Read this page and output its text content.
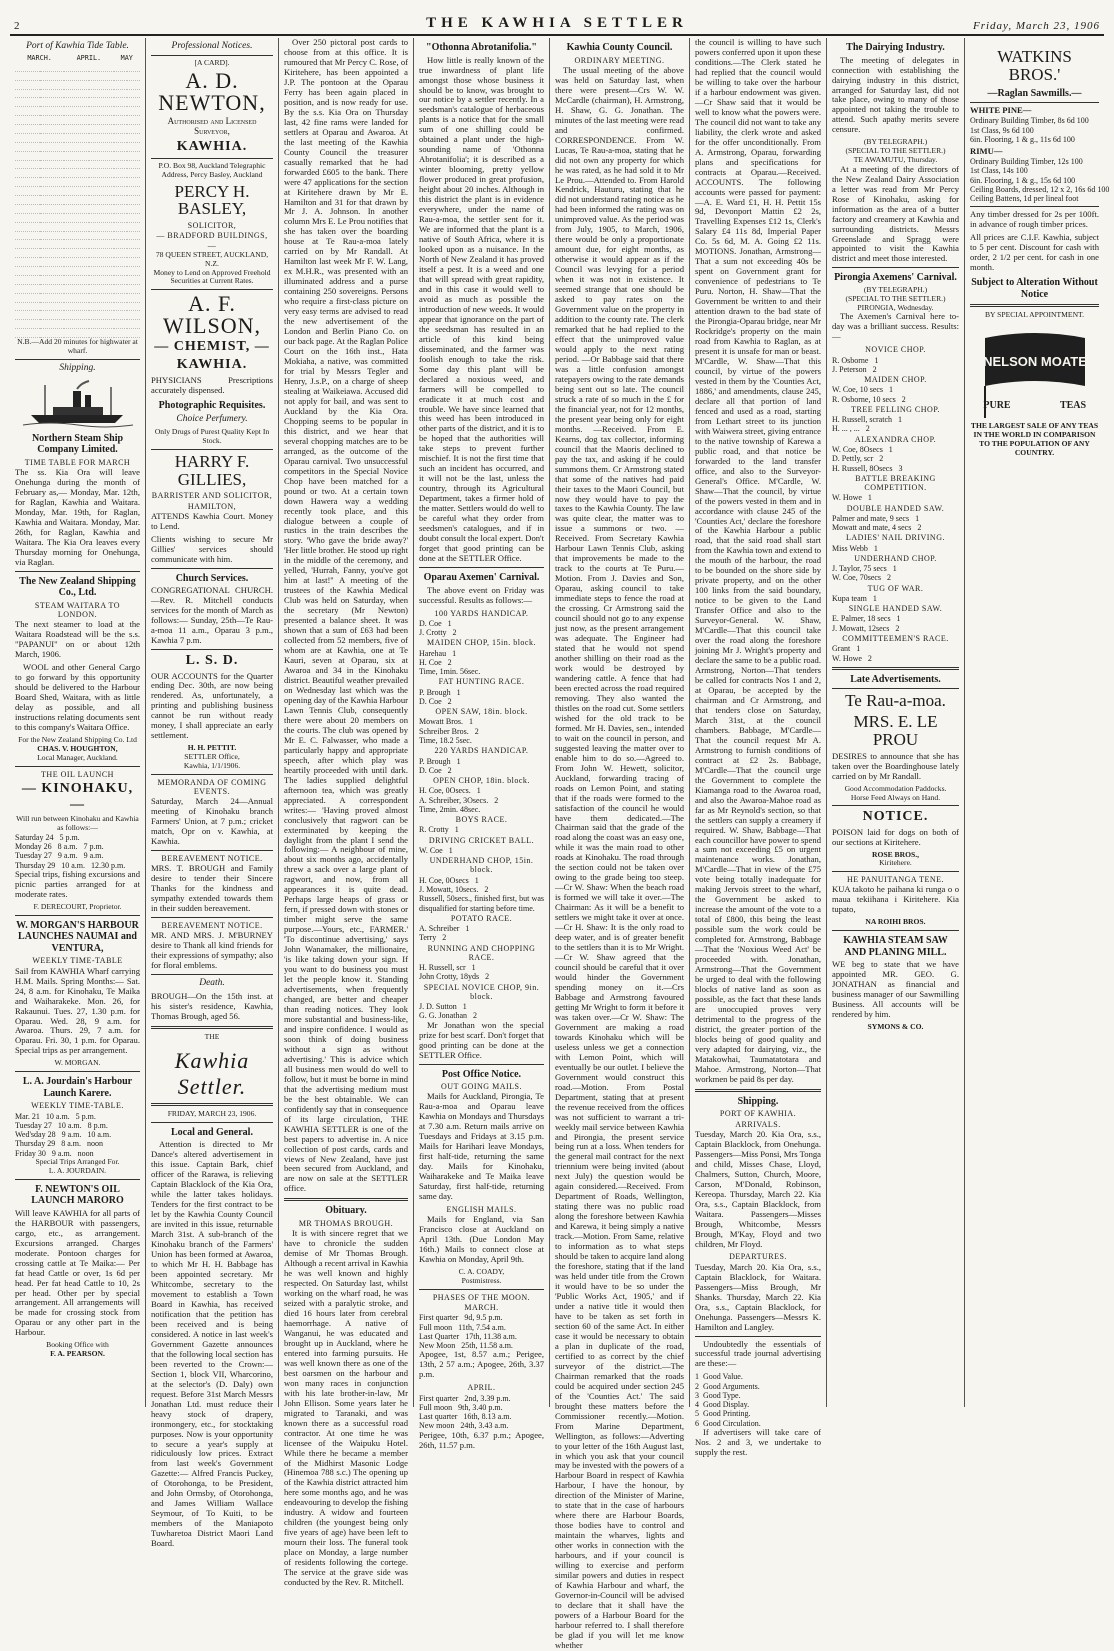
2	THE KAWHIA SETTLER	Friday, March 23, 1906
Port of Kawhia Tide Table.
MARCH.		APRIL.		MAY	

N.B.—Add 20 minutes for highwater at wharf.
Shipping.
Northern Steam Ship Company Limited.
TIME TABLE FOR MARCH

The ss. Kia Ora will leave Onehunga during the month of February as,— Monday, Mar. 12th, for Raglan, Kawhia and Waitara. Monday, Mar. 19th, for Raglan, Kawhia and Waitara. Monday, Mar. 26th, for Raglan, Kawhia and Waitara. The Kia Ora leaves every Thursday morning for Onehunga, via Raglan.

The New Zealand Shipping Co., Ltd.
STEAM WAITARA TO LONDON.

The next steamer to load at the Waitara Roadstead will be the s.s. "PAPANUI" on or about 12th March, 1906.

WOOL and other General Cargo to go forward by this opportunity should be delivered to the Harbour Board Shed, Waitara, with as little delay as possible, and all instructions relating documents sent to this company's Waitara Office.

For the New Zealand Shipping Co. Ltd
CHAS. V. HOUGHTON,
Local Manager, Auckland.
THE OIL LAUNCH
— KINOHAKU, —
Will run between Kinohaku and Kawhia as follows:—
Saturday 24   5 p.m.
Monday 26   8 a.m.   7 p.m.
Tuesday 27   9 a.m.   9 a.m.
Thursday 29   10 a.m.   12.30 p.m.

Special trips, fishing excursions and picnic parties arranged for at moderate rates.

F. DERECOURT, Proprietor.
W. MORGAN'S HARBOUR LAUNCHES NAUMAI and VENTURA,
WEEKLY TIME-TABLE

Sail from KAWHIA Wharf carrying H.M. Mails. Spring Months:— Sat. 24, 8 a.m. for Kinohaku, Te Maika and Waiharakeke. Mon. 26, for Rakaunui. Tues. 27, 1.30 p.m. for Oparau. Wed. 28, 9 a.m. for Awaroa. Thurs. 29, 7 a.m. for Oparau. Fri. 30, 1 p.m. for Oparau. Special trips as per arrangement.

W. MORGAN.
L. A. Jourdain's Harbour Launch Karere.
WEEKLY TIME-TABLE.
Mar. 21   10 a.m.   5 p.m.
Tuesday 27   10 a.m.   8 p.m.
Wed'sday 28   9 a.m.   10 a.m.
Thursday 29   8 a.m.   noon
Friday 30   9 a.m.   noon
Special Trips Arranged For.
L. A. JOURDAIN.
F. NEWTON'S OIL LAUNCH MARORO

Will leave KAWHIA for all parts of the HARBOUR with passengers, cargo, etc., as arrangement. Excursions arranged. Charges moderate. Pontoon charges for crossing cattle at Te Maika:— Per fat head Cattle or over, 1s 6d per head. Per fat head Cattle to 10, 2s per head. Other per by special arrangement. All arrangements will be made for crossing stock from Oparau or any other part in the Harbour.

Booking Office with
F. A. PEARSON.
Professional Notices.
[A CARD].
A. D. NEWTON,
Authorised and Licensed Surveyor,
KAWHIA.
P.O. Box 98, Auckland Telegraphic Address, Percy Basley, Auckland
PERCY H. BASLEY,
SOLICITOR,
— BRADFORD BUILDINGS, —
78 QUEEN STREET, AUCKLAND, N.Z.
Money to Lend on Approved Freehold Securities at Current Rates.
A. F. WILSON,
— CHEMIST, —
KAWHIA.

PHYSICIANS Prescriptions accurately dispensed.

Photographic Requisites.
Choice Perfumery.
Only Drugs of Purest Quality Kept In Stock.
HARRY F. GILLIES,
BARRISTER AND SOLICITOR,
HAMILTON,

ATTENDS Kawhia Court. Money to Lend.

Clients wishing to secure Mr Gillies' services should communicate with him.

Church Services.

CONGREGATIONAL CHURCH.—Rev. R. Mitchell conducts services for the month of March as follows:— Sunday, 25th—Te Rau-a-moa 11 a.m., Oparau 3 p.m., Kawhia 7 p.m.

L. S. D.

OUR ACCOUNTS for the Quarter ending Dec. 30th, are now being rendered. As, unfortunately, a printing and publishing business cannot be run without ready money, I shall appreciate an early settlement.

H. H. PETTIT.
SETTLER Office,
Kawhia, 1/1/1906.
MEMORANDA OF COMING EVENTS.

Saturday, March 24—Annual meeting of Kinohaku branch Farmers' Union, at 7 p.m.; cricket match, Opr on v. Kawhia, at Kawhia.

BEREAVEMENT NOTICE.

MRS. T. BROUGH and Family desire to tender their Sincere Thanks for the kindness and sympathy extended towards them in their sudden bereavement.

BEREAVEMENT NOTICE.

MR. AND MRS. J. M'BURNEY desire to Thank all kind friends for their expressions of sympathy; also for floral emblems.

Death.

BROUGH—On the 15th inst. at his sister's residence, Kawhia, Thomas Brough, aged 56.

THE
Kawhia Settler.
FRIDAY, MARCH 23, 1906.
Local and General.

Attention is directed to Mr Dance's altered advertisement in this issue. Captain Bark, chief officer of the Rarawa, is relieving Captain Blacklock of the Kia Ora, while the latter takes holidays. Tenders for the first contract to be let by the Kawhia County Council are invited in this issue, returnable March 31st. A sub-branch of the Kinohaku branch of the Farmers' Union has been formed at Awaroa, to which Mr H. H. Babbage has been appointed secretary. Mr Whitcombe, secretary to the movement to establish a Town Board in Kawhia, has received notification that the petition has been received and is being considered. A notice in last week's Government Gazette announces that the following local section has been reverted to the Crown:— Section 1, block VII, Wharcorino, at the selector's (D. Daly) own request. Before 31st March Messrs Jonathan Ltd. must reduce their heavy stock of drapery, ironmongery, etc., for stocktaking purposes. Now is your opportunity to secure a year's supply at ridiculously low prices. Extract from last week's Government Gazette:— Alfred Francis Puckey, of Otorohonga, to be President, and John Ormsby, of Otorohonga, and James William Wallace Seymour, of To Kuiti, to be members of the Maniapoto Tuwharetoa District Maori Land Board.

Over 250 pictoral post cards to choose from at this office. It is rumoured that Mr Percy C. Rose, of Kiritehere, has been appointed a J.P. The pontoon at the Oparau Ferry has been again placed in position, and is now ready for use. By the s.s. Kia Ora on Thursday last, 42 fine rams were landed for settlers at Oparau and Awaroa. At the last meeting of the Kawhia County Council the treasurer casually remarked that he had forwarded £605 to the bank. There were 47 applications for the section at Kiritehere drawn by Mr E. Hamilton and 31 for that drawn by Mr J. A. Johnson. In another column Mrs E. Le Prou notifies that she has taken over the boarding house at Te Rau-a-moa lately carried on by Mr Randall. At Hamilton last week Mr F. W. Lang, ex M.H.R., was presented with an illuminated address and a purse containing 250 sovereigns. Persons who require a first-class picture on very easy terms are advised to read the new advertisement of the London and Berlin Piano Co. on our back page. At the Raglan Police Court on the 16th inst., Hata Mokiaha, a native, was committed for trial by Messrs Tegler and Henry, J.s.P., on a charge of sheep stealing at Waikeiawa. Accused did not apply for bail, and was sent to Auckland by the Kia Ora. Chopping seems to be popular in this district, and we hear that several chopping matches are to be arranged, as the outcome of the Oparau carnival. Two unsuccessful competitors in the Special Novice Chop have been matched for a pound or two. At a certain town down Hawera way a wedding recently took place, and this dialogue between a couple of rustics in the train describes the story. 'Who gave the bride away?' 'Her little brother. He stood up right in the middle of the ceremony, and yelled, 'Hurrah, Fanny, you've got him at last!'' A meeting of the trustees of the Kawhia Medical Club was held on Saturday, when the secretary (Mr Newton) presented a balance sheet. It was shown that a sum of £63 had been collected from 52 members, five of whom are at Kawhia, one at Te Kauri, seven at Oparau, six at Awaroa and 34 in the Kinohaku district. Beautiful weather prevailed on Wednesday last which was the opening day of the Kawhia Harbour Lawn Tennis Club, consequently there were about 20 members on the courts. The club was opened by Mr E. C. Falwasser, who made a particularly happy and appropriate speech, after which play was heartily proceeded with until dark. The ladies supplied delightful afternoon tea, which was greatly appreciated. A correspondent writes:— 'Having proved almost conclusively that ragwort can be exterminated by keeping the daylight from the plant I send the following:— A neighbour of mine, about six months ago, accidentally threw a sack over a large plant of ragwort, and now, from all appearances it is quite dead. Perhaps large heaps of grass or fern, if pressed down with stones or timber might serve the same purpose.—Yours, etc., FARMER.' 'To discontinue advertising,' says John Wanamaker, the millionaire, 'is like taking down your sign. If you want to do business you must let the people know it. Standing advertisements, when frequently changed, are better and cheaper than reading notices. They look more substantial and business-like, and inspire confidence. I would as soon think of doing business without a sign as without advertising.' This is advice which all business men would do well to follow, but it must be borne in mind that the advertising medium must be the best obtainable. We can confidently say that in consequence of its large circulation, THE KAWHIA SETTLER is one of the best papers to advertise in. A nice collection of post cards, cards and views of New Zealand, have just been secured from Auckland, and are now on sale at the SETTLER office.

Obituary.
MR THOMAS BROUGH.

It is with sincere regret that we have to chronicle the sudden demise of Mr Thomas Brough. Although a recent arrival in Kawhia he was well known and highly respected. On Saturday last, whilst working on the wharf road, he was seized with a paralytic stroke, and died 16 hours later from cerebral haemorrhage. A native of Wanganui, he was educated and brought up in Auckland, where he entered into farming pursuits. He was well known there as one of the best oarsmen on the harbour and won many races in conjunction with his late brother-in-law, Mr John Ellison. Some years later he migrated to Taranaki, and was known there as a successful road contractor. At one time he was licensee of the Waipuku Hotel. While there he became a member of the Midhirst Masonic Lodge (Hinemoa 788 s.c.) The opening up of the Kawhia district attracted him here some months ago, and he was endeavouring to develop the fishing industry. A widow and fourteen children (the youngest being only five years of age) have been left to mourn their loss. The funeral took place on Monday, a large number of residents following the cortege. The service at the grave side was conducted by the Rev. R. Mitchell.

"Othonna Abrotanifolia."

How little is really known of the true inwardness of plant life amongst those whose business it should be to know, was brought to our notice by a settler recently. In a seedsman's catalogue of herbaceous plants is a notice that for the small sum of one shilling could be obtained a plant under the high-sounding name of 'Othonna Abrotanifolia'; it is described as a winter blooming, pretty yellow flower produced in great profusion, height about 20 inches. Although in this district the plant is in evidence everywhere, under the name of Rau-a-moa, the settler sent for it. We are informed that the plant is a native of South Africa, where it is looked upon as a nuisance. In the North of New Zealand it has proved itself a pest. It is a weed and one that will spread with great rapidity, and in this case it would well to avoid as much as possible the introduction of new weeds. It would appear that ignorance on the part of the seedsman has resulted in an article of this kind being disseminated, and the farmer was foolish enough to take the risk. Some day this plant will be declared a noxious weed, and farmers will be compelled to eradicate it at much cost and trouble. We have since learned that this weed has been introduced in other parts of the district, and it is to be hoped that the authorities will take steps to prevent further mischief. It is not the first time that such an incident has occurred, and it will not be the last, unless the country, through its Agricultural Department, takes a firmer hold of the matter. Settlers would do well to be careful what they order from seedsmen's catalogues, and if in doubt consult the local expert. Don't forget that good printing can be done at the SETTLER Office.

Oparau Axemen' Carnival.

The above event on Friday was successful. Results as follows:—

100 YARDS HANDICAP.
D. Coe   1
J. Crotty   2
MAIDEN CHOP, 15in. block.
Harehau   1
H. Coe   2
Time, 1min. 56sec.
FAT HUNTING RACE.
P. Brough   1
D. Coe   2
OPEN SAW, 18in. block.
Mowatt Bros.   1
Schreiber Bros.   2
Time, 18.2 5sec.
220 YARDS HANDICAP.
P. Brough   1
D. Coe   2
OPEN CHOP, 18in. block.
H. Coe, 0Osecs.   1
A. Schreiber, 3Osecs.   2
Time, 2min. 48sec.
BOYS RACE.
R. Crotty   1
DRIVING CRICKET BALL.
W. Coe   1
UNDERHAND CHOP, 15in. block.
H. Coe, 0Osecs   1
J. Mowatt, 10secs.   2
Russell, 50secs., finished first, but was disqualified for starting before time.
POTATO RACE.
A. Schreiber   1
Terry   2
RUNNING AND CHOPPING RACE.
H. Russell, scr   1
John Crotty, 18yds   2
SPECIAL NOVICE CHOP, 9in. block.
J. D. Sutton   1
G. G. Jonathan   2

Mr Jonathan won the special prize for best scarf. Don't forget that good printing can be done at the SETTLER Office.

Post Office Notice.
OUT GOING MAILS.

Mails for Auckland, Pirongia, Te Rau-a-moa and Oparau leave Kawhia on Mondays and Thursdays at 7.30 a.m. Return mails arrive on Tuesdays and Fridays at 3.15 p.m. Mails for Harihari leave Mondays, first half-tide, returning the same day. Mails for Kinohaku, Waiharakeke and Te Maika leave Saturday, first half-tide, returning same day.

ENGLISH MAILS.

Mails for England, via San Francisco close at Auckland on April 13th. (Due London May 16th.) Mails to connect close at Kawhia on Monday, April 9th.

C. A. COADY,
Postmistress.
PHASES OF THE MOON.
MARCH.
First quarter   9d, 9.5 p.m.
Full moon   11th, 7.54 a.m.
Last Quarter   17th, 11.38 a.m.
New Moon   25th, 11.58 a.m.

Apogee, 1st, 8.57 a.m.; Perigee, 13th, 2 57 a.m.; Apogee, 26th, 3.37 p.m.

APRIL.
First quarter   2nd, 3.39 p.m.
Full moon   9th, 3.40 p.m.
Last quarter   16th, 8.13 a.m.
New moon   24th, 3.43 a.m.

Perigee, 10th, 6.37 p.m.; Apogee, 26th, 11.57 p.m.

Kawhia County Council.
ORDINARY MEETING.

The usual meeting of the above was held on Saturday last, when there were present—Crs W. W. McCardle (chairman), H. Armstrong, H. Shaw, G. G. Jonathan. The minutes of the last meeting were read and confirmed. CORRESPONDENCE. From W. Lucas, Te Rau-a-moa, stating that he did not own any property for which he was rated, as he had sold it to Mr Le Prou.—Attended to. From Harold Kendrick, Hauturu, stating that he did not understand rating notice as he had been informed the rating was on unimproved value. As the period was from July, 1905, to March, 1906, there would be only a proportionate amount due, for eight months, as otherwise it would appear as if the Council was levying for a period when it was not in existence. It seemed strange that one should be asked to pay rates on the Government value on the property in addition to the county rate. The clerk remarked that he had replied to the effect that the unimproved value would apply to the next rating period. —Or Babbage said that there was a little confusion amongst ratepayers owing to the rate demands being sent out so late. The council struck a rate of so much in the £ for the financial year, not for 12 months, the present year being only for eight months. —Received. From E. Kearns, dog tax collector, informing council that the Maoris declined to pay the tax, and asking if he could summons them. Cr Armstrong stated that some of the natives had paid their taxes to the Maori Council, but now they would have to pay the taxes to the Kawhia County. The law was quite clear, the matter was to issue a summons or two. —Received. From Secretary Kawhia Harbour Lawn Tennis Club, asking that improvements be made to the track to the courts at Te Puru.—Motion. From J. Davies and Son, Oparau, asking council to take immediate steps to fence the road at the crossing. Cr Armstrong said the council should not go to any expense just now, as the present arrangement was adequate. The Engineer had stated that he would not spend another shilling on their road as the work would be destroyed by wandering cattle. A fence that had been erected across the road required removing. They also wanted the thistles on the road cut. Some settlers wished for the old track to be formed. Mr H. Davies, sen., intended to wait on the council in person, and suggested leaving the matter over to enable him to do so.—Agreed to. From John W. Hewett, solicitor, Auckland, forwarding tracing of roads on Lemon Point, and stating that if the roads were formed to the satisfaction of the council he would have them dedicated.—The Chairman said that the grade of the road along the coast was an easy one, while it was the main road to other roads at Kinohaku. The road through the section could not be taken over owing to the grade being too steep.—Cr W. Shaw: When the beach road is formed we will take it over.—The Chairman: As it will be a benefit to settlers we might take it over at once.—Cr H. Shaw: It is the only road to deep water, and is of greater benefit to the settlers than it is to Mr Wright.—Cr W. Shaw agreed that the council should be careful that it over would hinder the Government spending money on it.—Crs Babbage and Armstrong favoured getting Mr Wright to form it before it was taken over.—Cr W. Shaw: The Government are making a road towards Kinohaku which will be useless unless we get a connection with Lemon Point, which will eventually be our outlet. I believe the Government would construct this road.—Motion. From Postal Department, stating that at present the revenue received from the offices was not sufficient to warrant a tri-weekly mail service between Kawhia and Pirongia, the present service being run at a loss. When tenders for the general mail contract for the next triennium were being invited (about next July) the question would be again considered.—Received. From Department of Roads, Wellington, stating there was no public road along the foreshore between Kawhia and Karewa, it being simply a native track.—Motion. From Same, relative to information as to what steps should be taken to acquire land along the foreshore, stating that if the land was held under title from the Crown it would have to be so under the 'Public Works Act, 1905,' and if under a native title it would then have to be taken as set forth in section 60 of the same Act. In either case it would be necessary to obtain a plan in duplicate of the road, certified to as correct by the chief surveyor of the district.—The Chairman remarked that the roads could be acquired under section 245 of the 'Counties Act.' The said brought these matters before the Commissioner recently.—Motion. From Marine Department, Wellington, as follows:—Adverting to your letter of the 16th August last, in which you ask that your council may be invested with the powers of a Harbour Board in respect of Kawhia Harbour, I have the honour, by direction of the Minister of Marine, to state that in the case of harbours where there are Harbour Boards, those bodies have to control and maintain the wharves, lights and other works in connection with the harbours, and if your council is willing to exercise and perform similar powers and duties in respect of Kawhia Harbour and wharf, the Governor-in-Council will be advised to declare that it shall have the powers of a Harbour Board for the harbour referred to. I shall therefore be glad if you will let me know whether

the council is willing to have such powers conferred upon it upon these conditions.—The Clerk stated he had replied that the council would be willing to take over the harbour if a harbour endowment was given.—Cr Shaw said that it would be well to know what the powers were. The council did not want to take any liability, the clerk wrote and asked for the offer unconditionally. From A. Armstrong, Oparau, forwarding plans and specifications for contracts at Oparau.—Received. ACCOUNTS. The following accounts were passed for payment:—A. E. Ward £1, H. H. Pettit 15s 9d, Devonport Mattin £2 2s, Travelling Expenses £12 1s, Clerk's Salary £4 11s 8d, Imperial Paper Co. 5s 6d, M. A. Going £2 11s. MOTIONS. Jonathan, Armstrong—That a sum not exceeding 40s be spent on Government grant for convenience of pedestrians to Te Puru. Norton, H. Shaw—That the Government be written to and their attention drawn to the bad state of the Pirongia-Oparau bridge, near Mr Rockridge's property on the main road from Kawhia to Raglan, as at present it is unsafe for man or beast. M'Cardle, W. Shaw—That this council, by virtue of the powers vested in them by the 'Counties Act, 1886,' and amendments, clause 245, declare all that portion of land fenced and used as a road, starting from Lethart street to its junction with Waiwera street, giving entrance to the native township of Karewa a public road, and that notice be forwarded to the land transfer office, and also to the Surveyor-General's Office. M'Cardle, W. Shaw—That the council, by virtue of the powers vested in them and in accordance with clause 245 of the 'Counties Act,' declare the foreshore of the Kawhia Harbour a public road, that the said road shall start from the Kawhia town and extend to the mouth of the harbour, the road to be bounded on the shore side by private property, and on the other 100 links from the said boundary, notice to be given to the Land Transfer Office and also to the Surveyor-General. W. Shaw, M'Cardle—That this council take over the road along the foreshore joining Mr J. Wright's property and declare the same to be a public road. Armstrong, Norton—That tenders be called for contracts Nos 1 and 2, at Oparau, be accepted by the chairman and Cr Armstrong, and that tenders close on Saturday, March 31st, at the council chambers. Babbage, M'Cardle—That the council request Mr A. Armstrong to furnish conditions of contract at £2 2s. Babbage, M'Cardle—That the council urge the Government to complete the Kiamanga road to the Awaroa road, and also the Awaroa-Mahoe road as far as Mr Reynold's section, so that the settlers can supply a creamery if required. W. Shaw, Babbage—That each councillor have power to spend a sum not exceeding £5 on urgent maintenance works. Jonathan, M'Cardle—That in view of the £75 vote being totally inadequate for making Jervois street to the wharf, the Government be asked to increase the amount of the vote to a total of £800, this being the least possible sum the work could be completed for. Armstrong, Babbage—That the 'Noxious Weed Act' be proceeded with. Jonathan, Armstrong—That the Government be urged to deal with the following blocks of native land as soon as possible, as the fact that these lands are unoccupied proves very detrimental to the progress of the district, the greater portion of the blocks being of good quality and very adapted for dairying, viz., the Matakowhai, Taumatatotara and Mahoe. Armstrong, Norton—That workmen be paid 8s per day.

Shipping.
PORT OF KAWHIA.
ARRIVALS.

Tuesday, March 20. Kia Ora, s.s., Captain Blacklock, from Onehunga. Passengers—Miss Ponsi, Mrs Tonga and child, Misses Chase, Lloyd, Chalmers, Sutton, Church, Moore, Carson, M'Donald, Robinson, Kereopa. Thursday, March 22. Kia Ora, s.s., Captain Blacklock, from Waitara. Passengers—Misses Brough, Whitcombe, Messrs Brough, M'Kay, Floyd and two children, Mr Floyd.

DEPARTURES.

Tuesday, March 20. Kia Ora, s.s., Captain Blacklock, for Waitara. Passengers—Miss Brough, Mr Shanks. Thursday, March 22. Kia Ora, s.s., Captain Blacklock, for Onehunga. Passengers—Messrs K. Hamilton and Langley.

Undoubtedly the essentials of successful trade journal advertising are these:—

1  Good Value.
2  Good Arguments.
3  Good Type.
4  Good Display.
5  Good Printing.
6  Good Circulation.

If advertisers will take care of Nos. 2 and 3, we undertake to supply the rest.

The Dairying Industry.

The meeting of delegates in connection with establishing the dairying industry in this district, arranged for Saturday last, did not take place, owing to many of those appointed not taking the trouble to attend. Such apathy merits severe censure.

(BY TELEGRAPH.)
(SPECIAL TO THE SETTLER.)
TE AWAMUTU, Thursday.

At a meeting of the directors of the New Zealand Dairy Association a letter was read from Mr Percy Rose of Kinohaku, asking for information as the area of a butter factory and creamery at Kawhia and surrounding districts. Messrs Greenslade and Spragg were appointed to visit the Kawhia district and meet those interested.

Pirongia Axemens' Carnival.
(BY TELEGRAPH.)
(SPECIAL TO THE SETTLER.)
PIRONGIA, Wednesday.

The Axemen's Carnival here to-day was a brilliant success. Results:—

NOVICE CHOP.
R. Osborne   1
J. Peterson   2
MAIDEN CHOP.
W. Coe, 10 secs   1
R. Osborne, 10 secs   2
TREE FELLING CHOP.
H. Russell, scratch   1
H. ... , ...   2
ALEXANDRA CHOP.
W. Coe, 8Osecs   1
D. Pettly, scr   2
H. Russell, 8Osecs   3
BATTLE BREAKING COMPETITION.
W. Howe   1
DOUBLE HANDED SAW.
Palmer and mate, 9 secs   1
Mowatt and mate, 4 secs   2
LADIES' NAIL DRIVING.
Miss Webb   1
UNDERHAND CHOP.
J. Taylor, 75 secs   1
W. Coe, 70secs   2
TUG OF WAR.
Kupa team   1
SINGLE HANDED SAW.
E. Palmer, 18 secs   1
J. Mowatt, 12secs   2
COMMITTEEMEN'S RACE.
Grant   1
W. Howe   2
Late Advertisements.
Te Rau-a-moa.
MRS. E. LE PROU

DESIRES to announce that she has taken over the Boardinghouse lately carried on by Mr Randall.

Good Accommodation Paddocks.
Horse Feed Always on Hand.
NOTICE.

POISON laid for dogs on both of our sections at Kiritehere.

ROSE BROS.,
Kiritehere.
HE PANUITANGA TENE.

KUA takoto he paihana ki runga o o maua tekiihana i Kiritehere. Kia tupato,

NA ROIHI BROS.
KAWHIA STEAM SAW AND PLANING MILL.

WE beg to state that we have appointed MR. GEO. G. JONATHAN as financial and business manager of our Sawmilling Business. All accounts will be rendered by him.

SYMONS & CO.
WATKINS BROS.'
—Raglan Sawmills.—
WHITE PINE—
Ordinary Building Timber, 8s 6d 100
1st Class, 9s 6d 100
6in. Flooring, 1 & g., 11s 6d 100
RIMU—
Ordinary Building Timber, 12s 100
1st Class, 14s 100
6in. Flooring, 1 & g., 15s 6d 100
Ceiling Boards, dressed, 12 x 2, 16s 6d 100
Ceiling Battens, 1d per lineal foot

Any timber dressed for 2s per 100ft. in advance of rough timber prices.

All prices are C.I.F. Kawhia, subject to 5 per cent. Discount for cash with order, 2 1/2 per cent. for cash in one month.

Subject to Alteration Without Notice
BY SPECIAL APPOINTMENT.
NELSON MOATE
PURE	TEAS
THE LARGEST SALE OF ANY TEAS IN THE WORLD IN COMPARISON TO THE POPULATION OF ANY COUNTRY.
